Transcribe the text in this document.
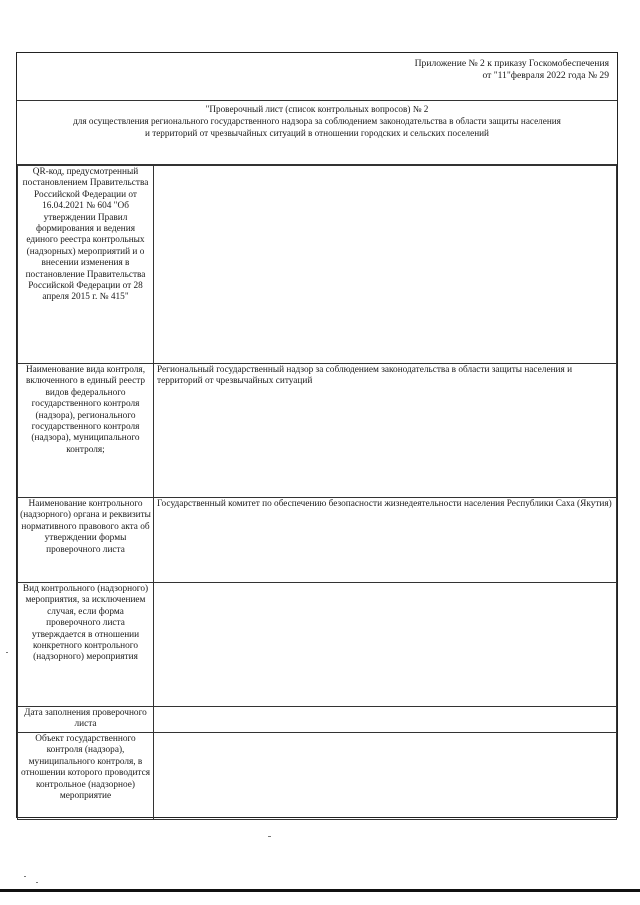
Приложение № 2 к приказу Госкомобеспечения
от "11"февраля 2022 года № 29
"Проверочный лист (список контрольных вопросов) № 2
для осуществления регионального государственного надзора за соблюдением законодательства в области защиты населения
и территорий от чрезвычайных ситуаций в отношении городских и сельских поселений
QR-код, предусмотренный постановлением Правительства Российской Федерации от 16.04.2021 № 604 "Об утверждении Правил формирования и ведения единого реестра контрольных (надзорных) мероприятий и о внесении изменения в постановление Правительства Российской Федерации от 28 апреля 2015 г. № 415"	
Наименование вида контроля, включенного в единый реестр видов федерального государственного контроля (надзора), регионального государственного контроля (надзора), муниципального контроля;	Региональный государственный надзор за соблюдением законодательства в области защиты населения и территорий от чрезвычайных ситуаций
Наименование контрольного (надзорного) органа и реквизиты нормативного правового акта об утверждении формы проверочного листа	Государственный комитет по обеспечению безопасности жизнедеятельности населения Республики Саха (Якутия)
Вид контрольного (надзорного) мероприятия, за исключением случая, если форма проверочного листа утверждается в отношении конкретного контрольного (надзорного) мероприятия	
Дата заполнения проверочного листа	
Объект государственного контроля (надзора), муниципального контроля, в отношении которого проводится контрольное (надзорное) мероприятие	
